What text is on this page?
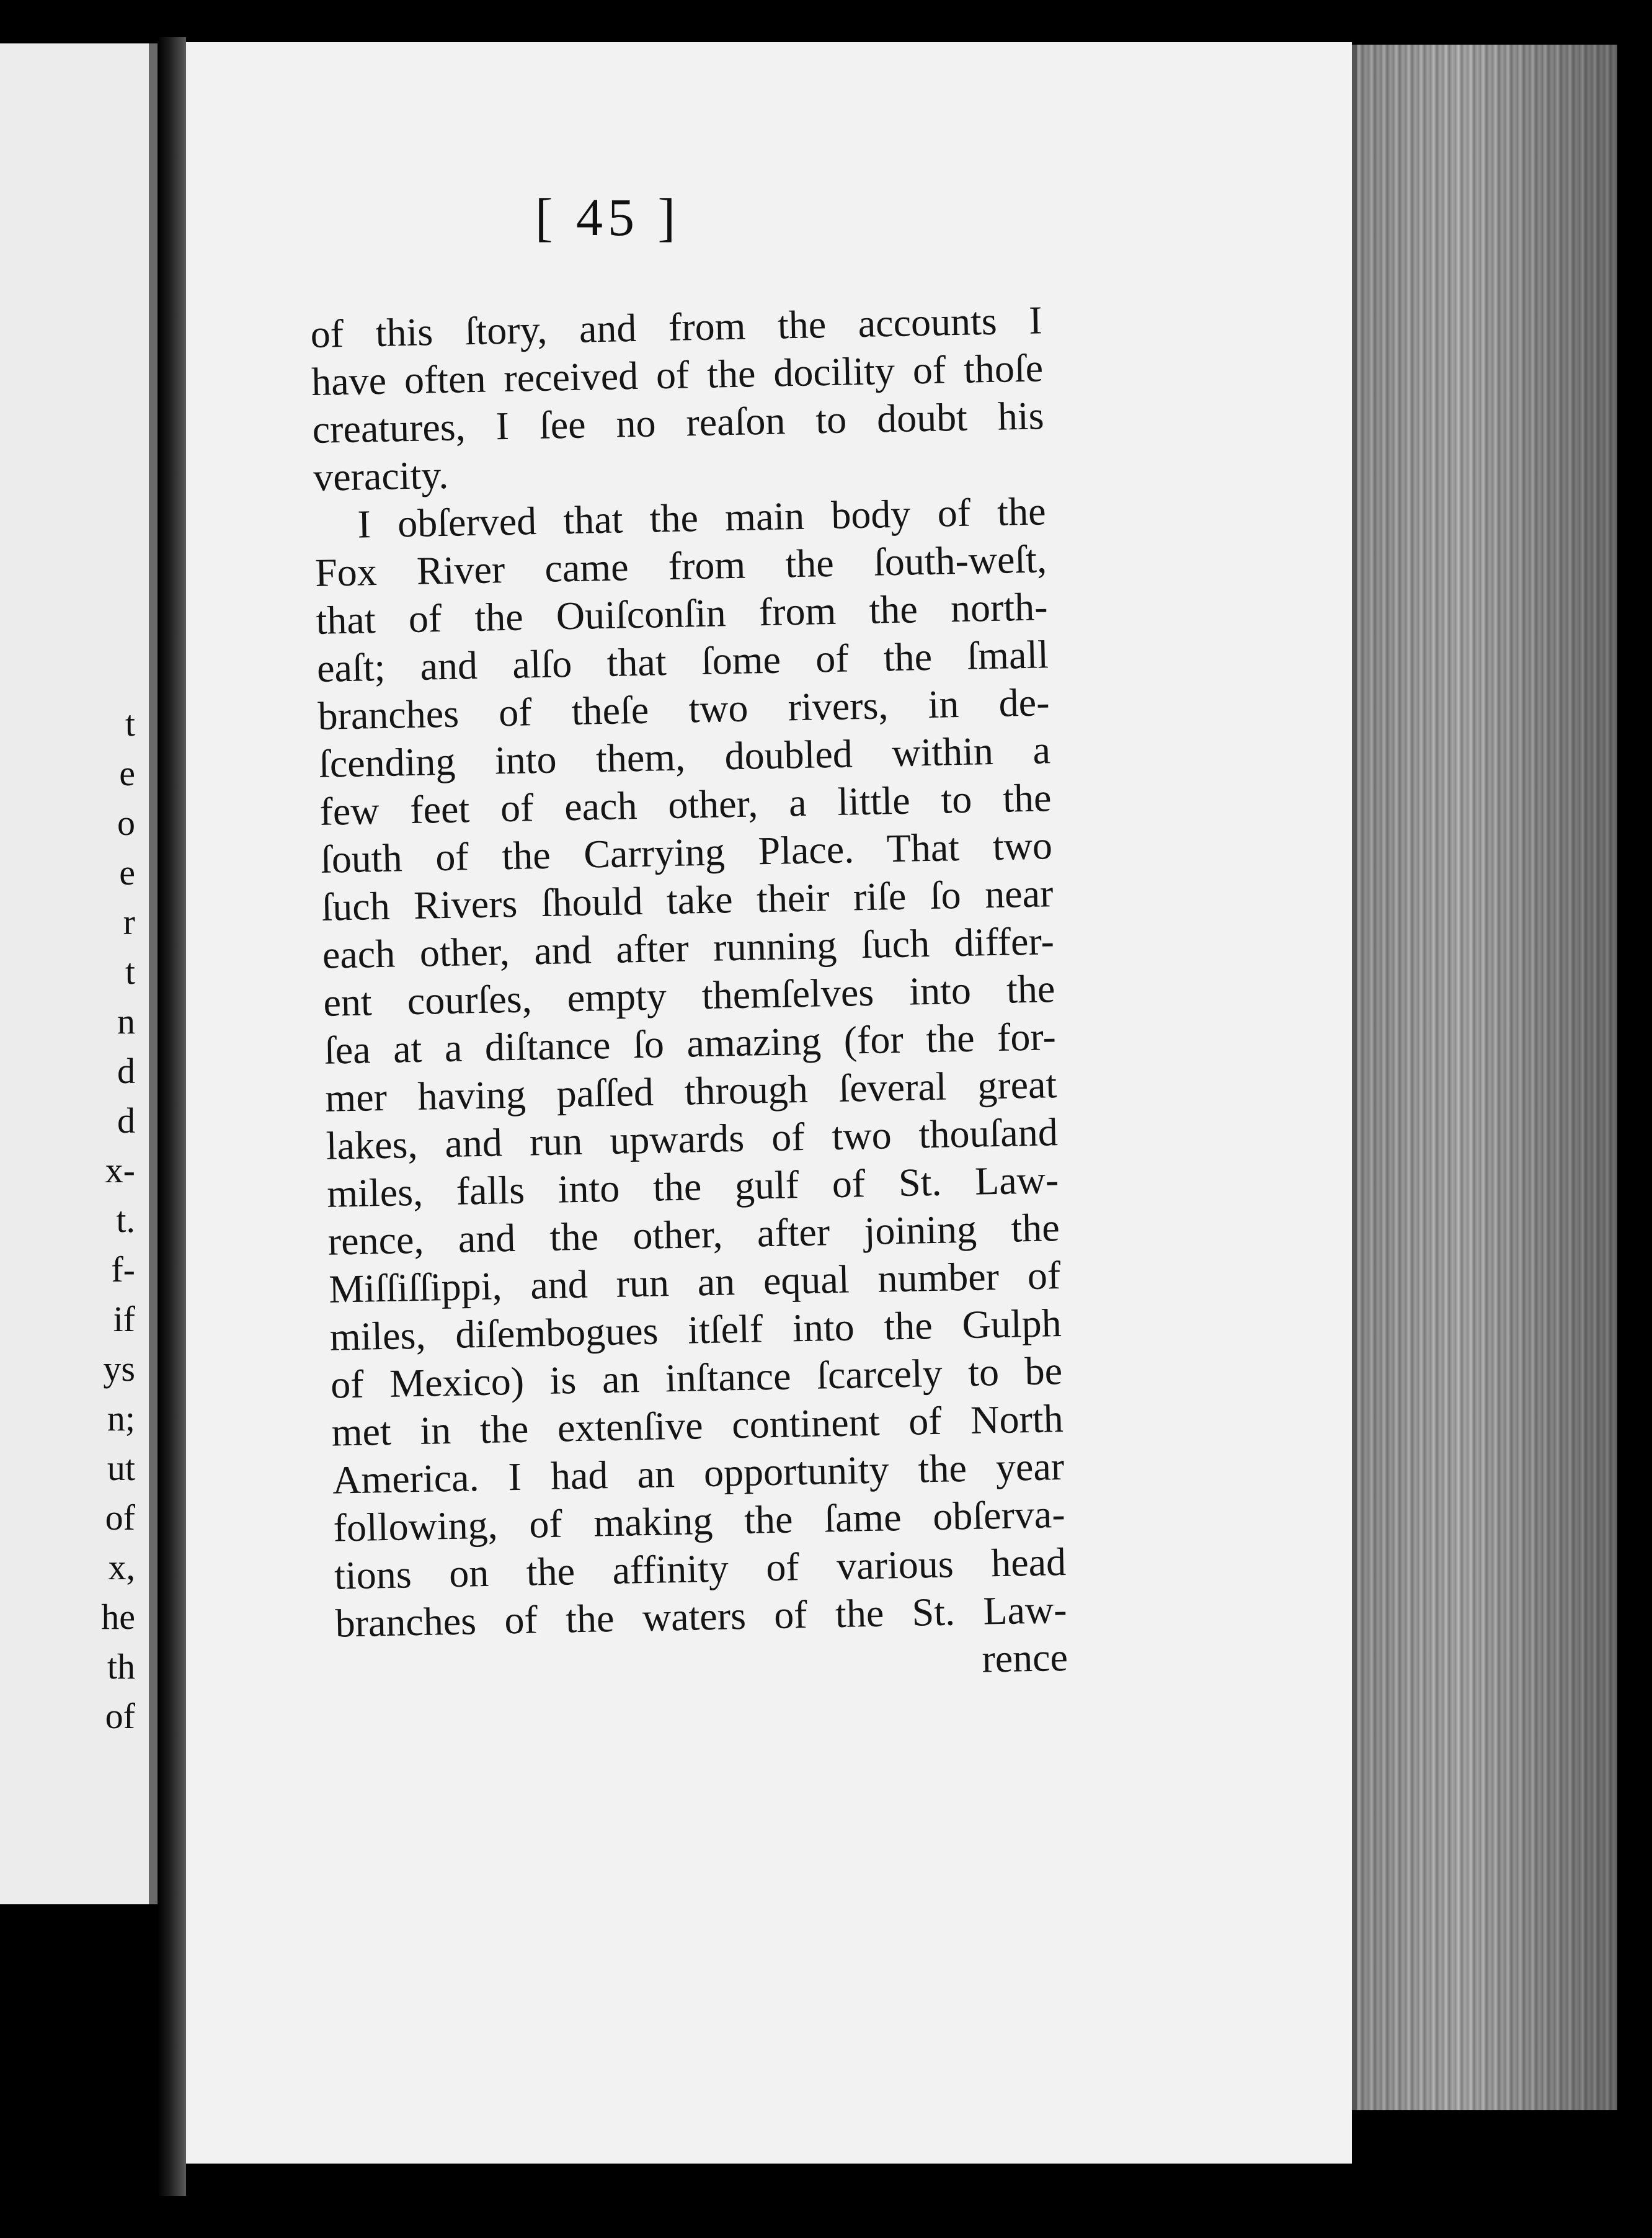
t
e
o
e
r
t
n
d
d
x-
t.
f-
if
ys
n;
ut
of
x,
he
th
of
[ 45 ]
of this ſtory, and from the accounts I
have often received of the docility of thoſe
creatures, I ſee no reaſon to doubt his
veracity.
I obſerved that the main body of the
Fox River came from the ſouth-weſt,
that of the Ouiſconſin from the north-
eaſt; and alſo that ſome of the ſmall
branches of theſe two rivers, in de-
ſcending into them, doubled within a
few feet of each other, a little to the
ſouth of the Carrying Place. That two
ſuch Rivers ſhould take their riſe ſo near
each other, and after running ſuch differ-
ent courſes, empty themſelves into the
ſea at a diſtance ſo amazing (for the for-
mer having paſſed through ſeveral great
lakes, and run upwards of two thouſand
miles, falls into the gulf of St. Law-
rence, and the other, after joining the
Miſſiſſippi, and run an equal number of
miles, diſembogues itſelf into the Gulph
of Mexico) is an inſtance ſcarcely to be
met in the extenſive continent of North
America. I had an opportunity the year
following, of making the ſame obſerva-
tions on the affinity of various head
branches of the waters of the St. Law-
rence
